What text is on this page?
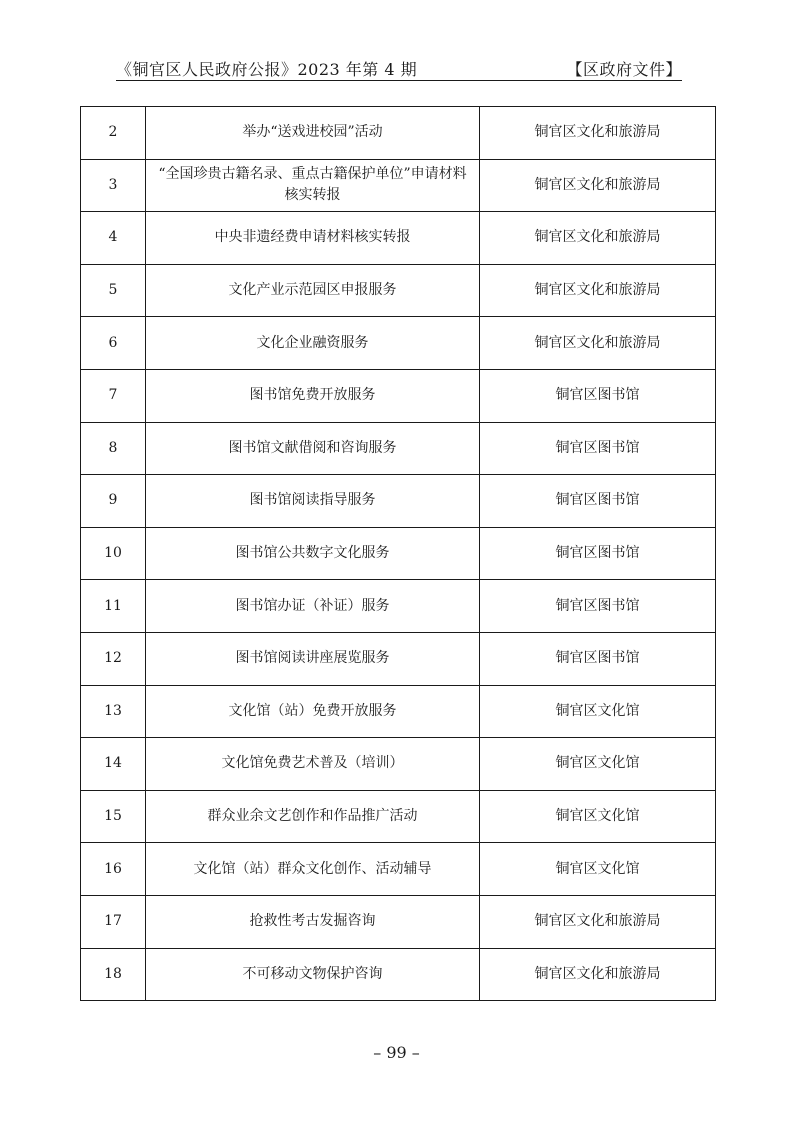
《铜官区人民政府公报》2023 年第 4 期	【区政府文件】
2	举办“送戏进校园”活动	铜官区文化和旅游局
3	“全国珍贵古籍名录、重点古籍保护单位”申请材料核实转报	铜官区文化和旅游局
4	中央非遗经费申请材料核实转报	铜官区文化和旅游局
5	文化产业示范园区申报服务	铜官区文化和旅游局
6	文化企业融资服务	铜官区文化和旅游局
7	图书馆免费开放服务	铜官区图书馆
8	图书馆文献借阅和咨询服务	铜官区图书馆
9	图书馆阅读指导服务	铜官区图书馆
10	图书馆公共数字文化服务	铜官区图书馆
11	图书馆办证（补证）服务	铜官区图书馆
12	图书馆阅读讲座展览服务	铜官区图书馆
13	文化馆（站）免费开放服务	铜官区文化馆
14	文化馆免费艺术普及（培训）	铜官区文化馆
15	群众业余文艺创作和作品推广活动	铜官区文化馆
16	文化馆（站）群众文化创作、活动辅导	铜官区文化馆
17	抢救性考古发掘咨询	铜官区文化和旅游局
18	不可移动文物保护咨询	铜官区文化和旅游局
– 99 –
